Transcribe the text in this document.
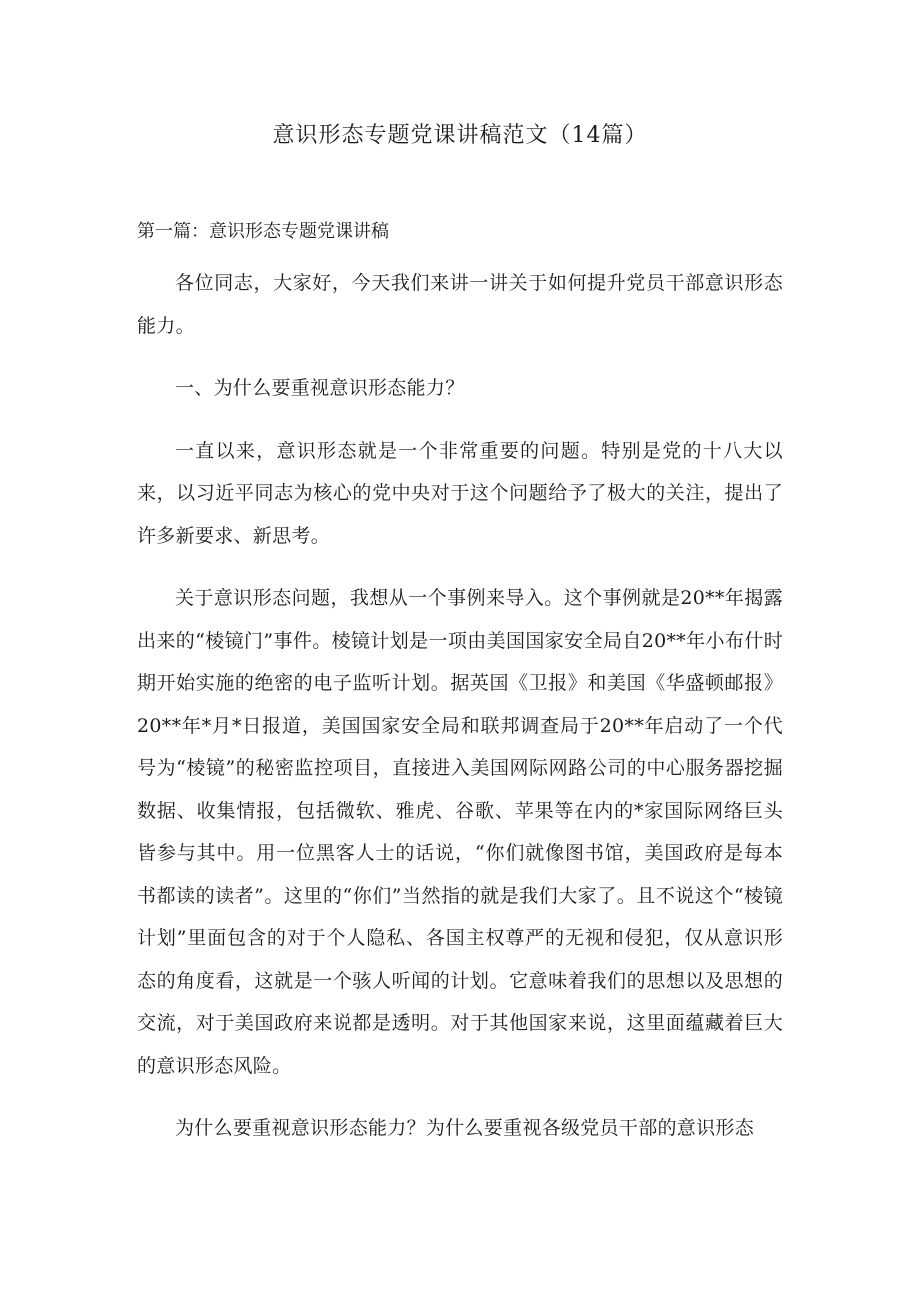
意识形态专题党课讲稿范文（14篇）
第一篇：意识形态专题党课讲稿

各位同志，大家好，今天我们来讲一讲关于如何提升党员干部意识形态能力。

一、为什么要重视意识形态能力？

一直以来，意识形态就是一个非常重要的问题。特别是党的十八大以来，以习近平同志为核心的党中央对于这个问题给予了极大的关注，提出了许多新要求、新思考。

关于意识形态问题，我想从一个事例来导入。这个事例就是20**年揭露出来的“棱镜门”事件。棱镜计划是一项由美国国家安全局自20**年小布什时期开始实施的绝密的电子监听计划。据英国《卫报》和美国《华盛顿邮报》20**年*月*日报道，美国国家安全局和联邦调查局于20**年启动了一个代号为“棱镜”的秘密监控项目，直接进入美国网际网路公司的中心服务器挖掘数据、收集情报，包括微软、雅虎、谷歌、苹果等在内的*家国际网络巨头皆参与其中。用一位黑客人士的话说，“你们就像图书馆，美国政府是每本书都读的读者”。这里的“你们”当然指的就是我们大家了。且不说这个“棱镜计划”里面包含的对于个人隐私、各国主权尊严的无视和侵犯，仅从意识形态的角度看，这就是一个骇人听闻的计划。它意味着我们的思想以及思想的交流，对于美国政府来说都是透明。对于其他国家来说，这里面蕴藏着巨大的意识形态风险。

为什么要重视意识形态能力？为什么要重视各级党员干部的意识形态
